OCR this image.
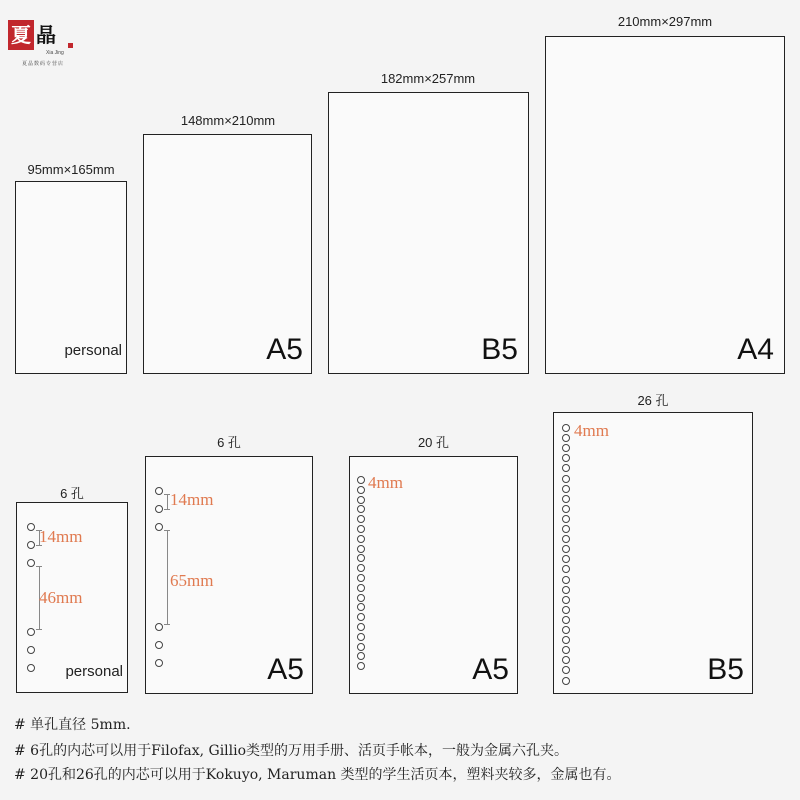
夏 晶
Xia Jing
夏晶数码专营店
95mm×165mm
personal
148mm×210mm
A5
182mm×257mm
B5
210mm×297mm
A4
6 孔
14mm
46mm
personal
6 孔
14mm
65mm
A5
20 孔
4mm
A5
26 孔
4mm
B5
# 单孔直径 5mm.
# 6孔的内芯可以用于Filofax, Gillio类型的万用手册、活页手帐本，一般为金属六孔夹。
# 20孔和26孔的内芯可以用于Kokuyo, Maruman 类型的学生活页本，塑料夹较多，金属也有。
